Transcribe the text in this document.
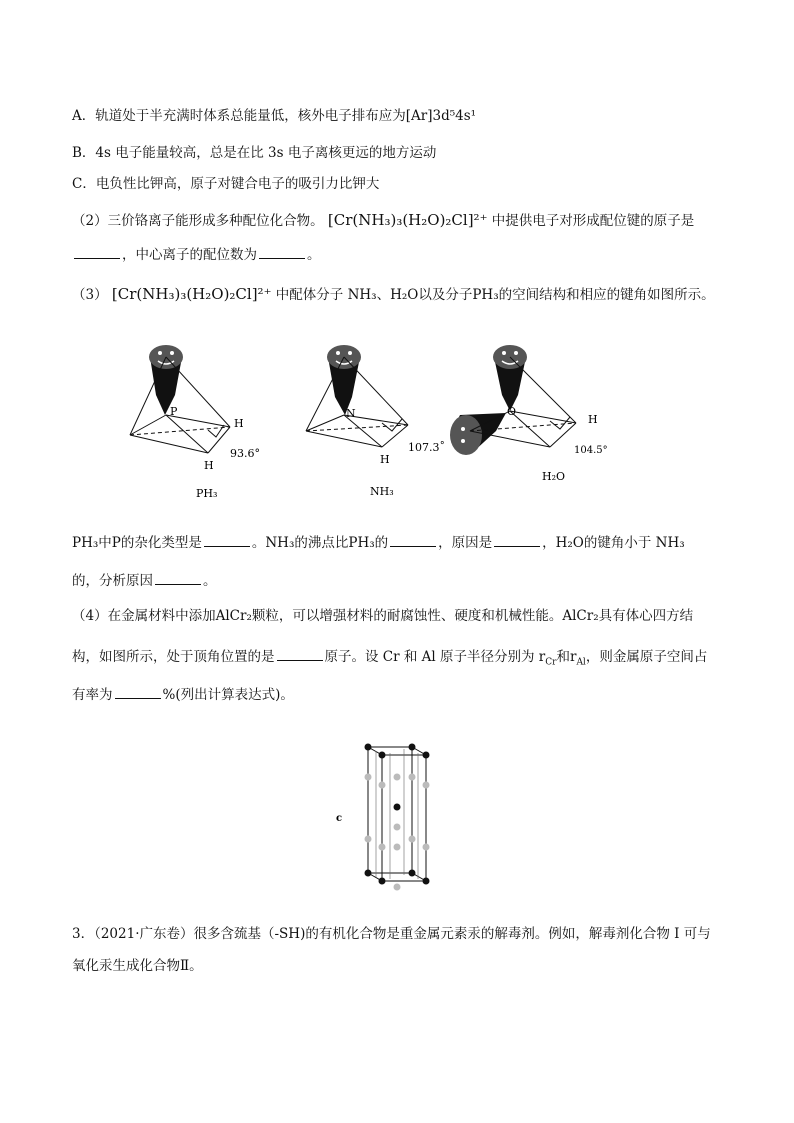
A．轨道处于半充满时体系总能量低，核外电子排布应为[Ar]3d⁵4s¹
B．4s 电子能量较高，总是在比 3s 电子离核更远的地方运动
C．电负性比钾高，原子对键合电子的吸引力比钾大
（2）三价铬离子能形成多种配位化合物。 [Cr(NH₃)₃(H₂O)₂Cl]²⁺ 中提供电子对形成配位键的原子是
，中心离子的配位数为	。
（3） [Cr(NH₃)₃(H₂O)₂Cl]²⁺ 中配体分子 NH₃、H₂O以及分子PH₃的空间结构和相应的键角如图所示。
P
H
H
93.6°
PH₃
N
H
107.3˚
NH₃
O
H
104.5°
H₂O
PH₃中P的杂化类型是	。NH₃的沸点比PH₃的	，原因是	，H₂O的键角小于 NH₃
的，分析原因	。
（4）在金属材料中添加AlCr₂颗粒，可以增强材料的耐腐蚀性、硬度和机械性能。AlCr₂具有体心四方结
构，如图所示，处于顶角位置的是	原子。设 Cr 和 Al 原子半径分别为 $r_{Cr}$和$r_{Al}$，则金属原子空间占
有率为	%(列出计算表达式)。
c
3．（2021·广东卷）很多含巯基（-SH)的有机化合物是重金属元素汞的解毒剂。例如，解毒剂化合物 I 可与
氧化汞生成化合物Ⅱ。
